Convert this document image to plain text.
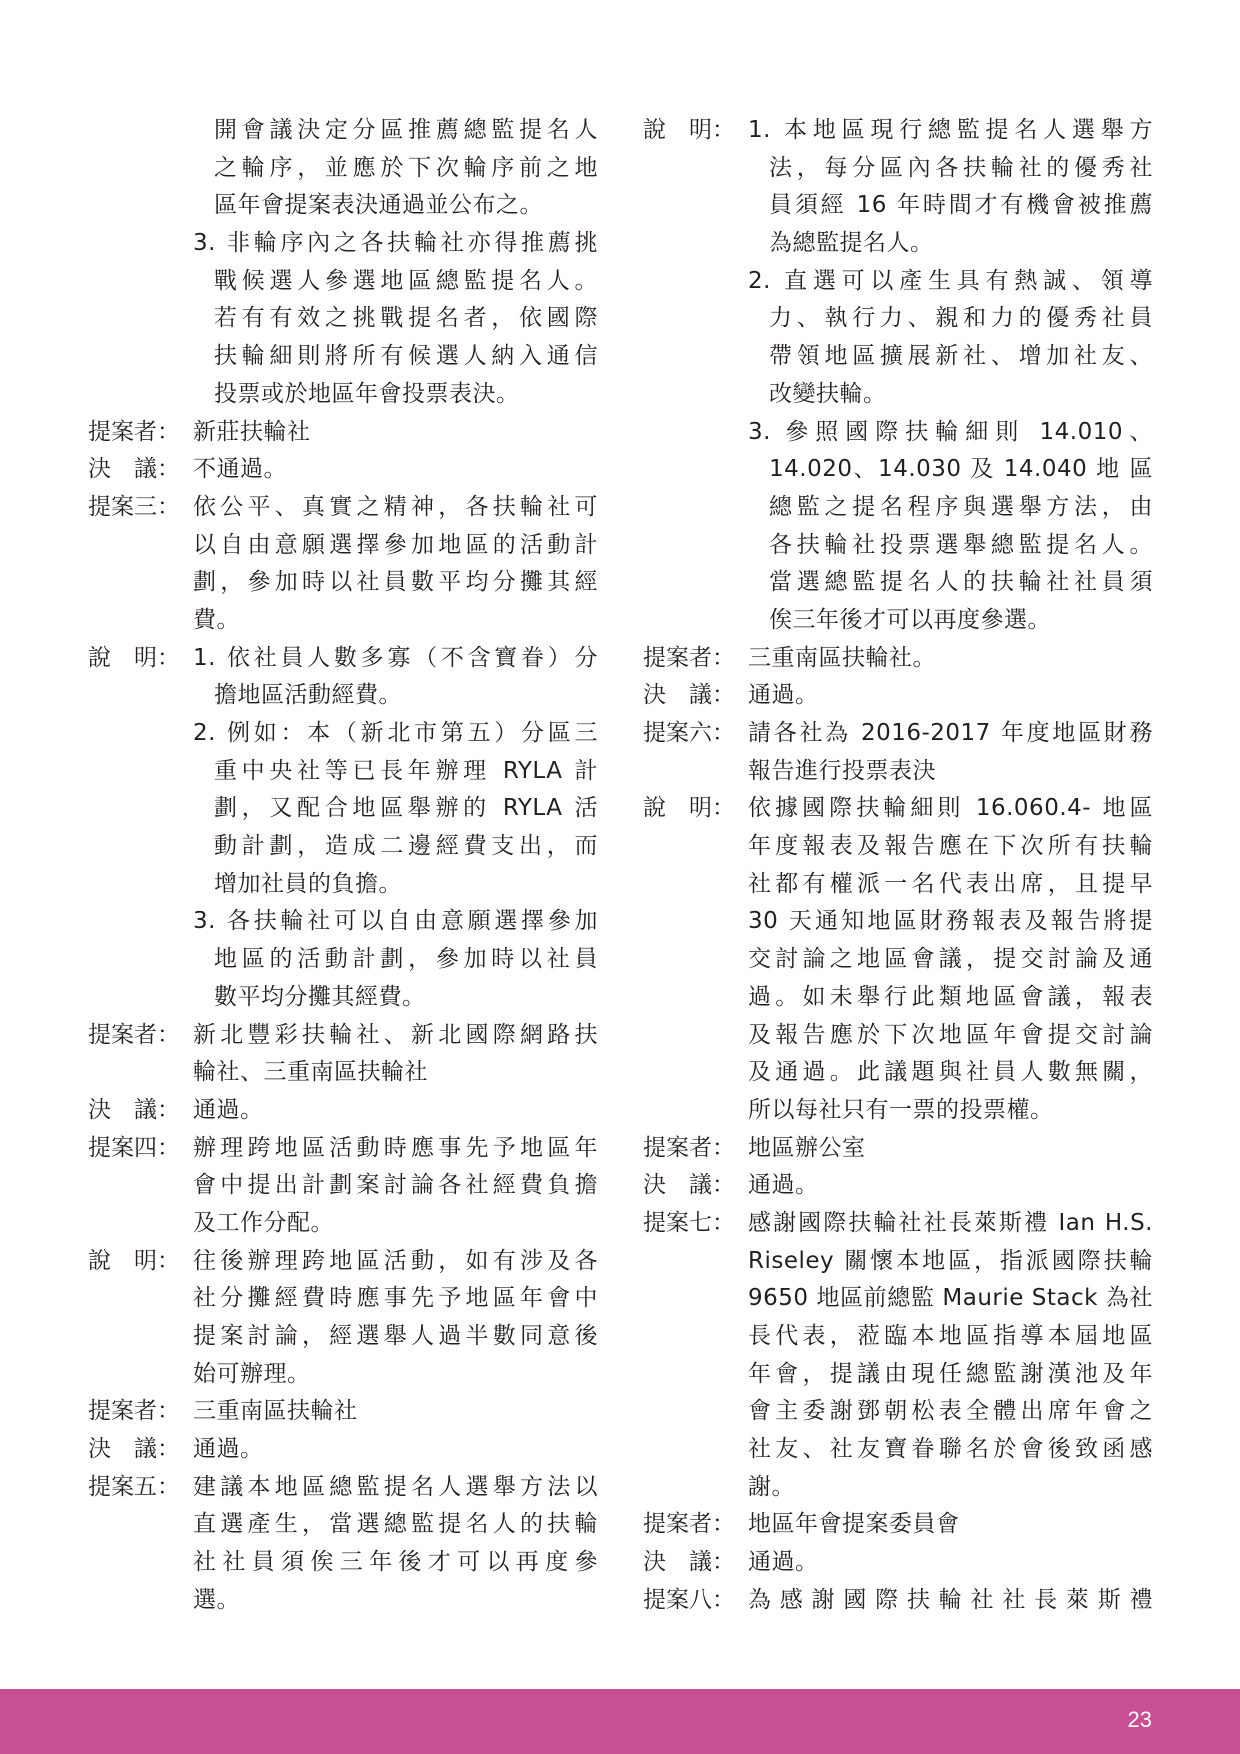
開會議決定分區推薦總監提名人
之輪序，並應於下次輪序前之地
區年會提案表決通過並公布之。
3. 非輪序內之各扶輪社亦得推薦挑
戰候選人參選地區總監提名人。
若有有效之挑戰提名者，依國際
扶輪細則將所有候選人納入通信
投票或於地區年會投票表決。
提案者： 新莊扶輪社
決　議： 不通過。
提案三： 依公平、真實之精神，各扶輪社可
以自由意願選擇參加地區的活動計
劃，參加時以社員數平均分攤其經
費。
說　明： 1. 依社員人數多寡（不含寶眷）分
擔地區活動經費。
2. 例如：本（新北市第五）分區三
重中央社等已長年辦理 RYLA 計
劃，又配合地區舉辦的 RYLA 活
動計劃，造成二邊經費支出，而
增加社員的負擔。
3. 各扶輪社可以自由意願選擇參加
地區的活動計劃，參加時以社員
數平均分攤其經費。
提案者： 新北豐彩扶輪社、新北國際網路扶
輪社、三重南區扶輪社
決　議： 通過。
提案四： 辦理跨地區活動時應事先予地區年
會中提出計劃案討論各社經費負擔
及工作分配。
說　明： 往後辦理跨地區活動，如有涉及各
社分攤經費時應事先予地區年會中
提案討論，經選舉人過半數同意後
始可辦理。
提案者： 三重南區扶輪社
決　議： 通過。
提案五： 建議本地區總監提名人選舉方法以
直選產生，當選總監提名人的扶輪
社社員須俟三年後才可以再度參
選。
說　明： 1. 本地區現行總監提名人選舉方
法，每分區內各扶輪社的優秀社
員須經 16 年時間才有機會被推薦
為總監提名人。
2. 直選可以產生具有熱誠、領導
力、執行力、親和力的優秀社員
帶領地區擴展新社、增加社友、
改變扶輪。
3. 參照國際扶輪細則 14.010、
14.020、14.030 及 14.040 地 區
總監之提名程序與選舉方法，由
各扶輪社投票選舉總監提名人。
當選總監提名人的扶輪社社員須
俟三年後才可以再度參選。
提案者： 三重南區扶輪社。
決　議： 通過。
提案六： 請各社為 2016-2017 年度地區財務
報告進行投票表決
說　明： 依據國際扶輪細則 16.060.4- 地區
年度報表及報告應在下次所有扶輪
社都有權派一名代表出席，且提早
30 天通知地區財務報表及報告將提
交討論之地區會議，提交討論及通
過。如未舉行此類地區會議，報表
及報告應於下次地區年會提交討論
及通過。此議題與社員人數無關，
所以每社只有一票的投票權。
提案者： 地區辦公室
決　議： 通過。
提案七： 感謝國際扶輪社社長萊斯禮 Ian H.S.
Riseley 關懷本地區，指派國際扶輪
9650 地區前總監 Maurie Stack 為社
長代表，蒞臨本地區指導本屆地區
年會，提議由現任總監謝漢池及年
會主委謝鄧朝松表全體出席年會之
社友、社友寶眷聯名於會後致函感
謝。
提案者： 地區年會提案委員會
決　議： 通過。
提案八： 為感謝國際扶輪社社長萊斯禮
23
